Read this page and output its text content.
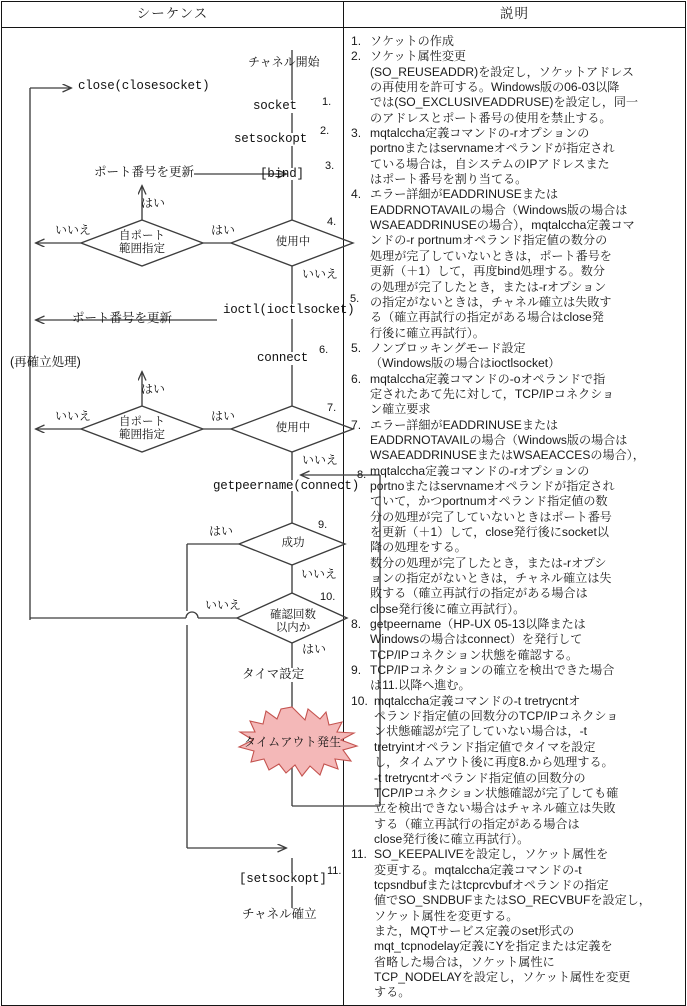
シーケンス	説明

close(closesocket)
チャネル開始
socket 1.
setsockopt
2.
ポート番号を更新	[bind]
3.
使用中
4.
自ポート
範囲指定
はい
はい
いいえ
いいえ
ioctl(ioctlsocket)
5.
ポート番号を更新
(再確立処理)	connect
6.
使用中
7.
自ポート
範囲指定
はい
はい
いいえ
いいえ
getpeername(connect)
8.
成功
9.
はい
いいえ
確認回数
以内か
10.
いいえ
はい
タイマ設定
タイムアウト発生
[setsockopt]
11.
チャネル確立

1. ソケットの作成
2. ソケット属性変更
(SO_REUSEADDR)を設定し，ソケットアドレス
の再使用を許可する。Windows版の06-03以降
では(SO_EXCLUSIVEADDRUSE)を設定し，同一
のアドレスとポート番号の使用を禁止する。
3. mqtalccha定義コマンドの-rオプションの
portnoまたはservnameオペランドが指定され
ている場合は，自システムのIPアドレスまた
はポート番号を割り当てる。
4. エラー詳細がEADDRINUSEまたは
EADDRNOTAVAILの場合（Windows版の場合は
WSAEADDRINUSEの場合），mqtalccha定義コマ
ンドの-r portnumオペランド指定値の数分の
処理が完了していないときは，ポート番号を
更新（＋1）して，再度bind処理する。数分
の処理が完了したとき，または-rオプション
の指定がないときは，チャネル確立は失敗す
る（確立再試行の指定がある場合はclose発
行後に確立再試行）。
5. ノンブロッキングモード設定
（Windows版の場合はioctlsocket）
6. mqtalccha定義コマンドの-oオペランドで指
定されたあて先に対して，TCP/IPコネクショ
ン確立要求
7. エラー詳細がEADDRINUSEまたは
EADDRNOTAVAILの場合（Windows版の場合は
WSAEADDRINUSEまたはWSAEACCESの場合），
mqtalccha定義コマンドの-rオプションの
portnoまたはservnameオペランドが指定され
ていて，かつportnumオペランド指定値の数
分の処理が完了していないときはポート番号
を更新（＋1）して，close発行後にsocket以
降の処理をする。
数分の処理が完了したとき，または-rオプシ
ョンの指定がないときは，チャネル確立は失
敗する（確立再試行の指定がある場合は
close発行後に確立再試行）。
8. getpeername（HP-UX 05-13以降または
Windowsの場合はconnect）を発行して
TCP/IPコネクション状態を確認する。
9. TCP/IPコネクションの確立を検出できた場合
は11.以降へ進む。
10. mqtalccha定義コマンドの-t tretrycntオ
ペランド指定値の回数分のTCP/IPコネクショ
ン状態確認が完了していない場合は，-t
tretryintオペランド指定値でタイマを設定
し，タイムアウト後に再度8.から処理する。
-t tretrycntオペランド指定値の回数分の
TCP/IPコネクション状態確認が完了しても確
立を検出できない場合はチャネル確立は失敗
する（確立再試行の指定がある場合は
close発行後に確立再試行）。
11. SO_KEEPALIVEを設定し，ソケット属性を
変更する。mqtalccha定義コマンドの-t
tcpsndbufまたはtcprcvbufオペランドの指定
値でSO_SNDBUFまたはSO_RECVBUFを設定し，
ソケット属性を変更する。
また，MQTサービス定義のset形式の
mqt_tcpnodelay定義にYを指定または定義を
省略した場合は，ソケット属性に
TCP_NODELAYを設定し，ソケット属性を変更
する。
